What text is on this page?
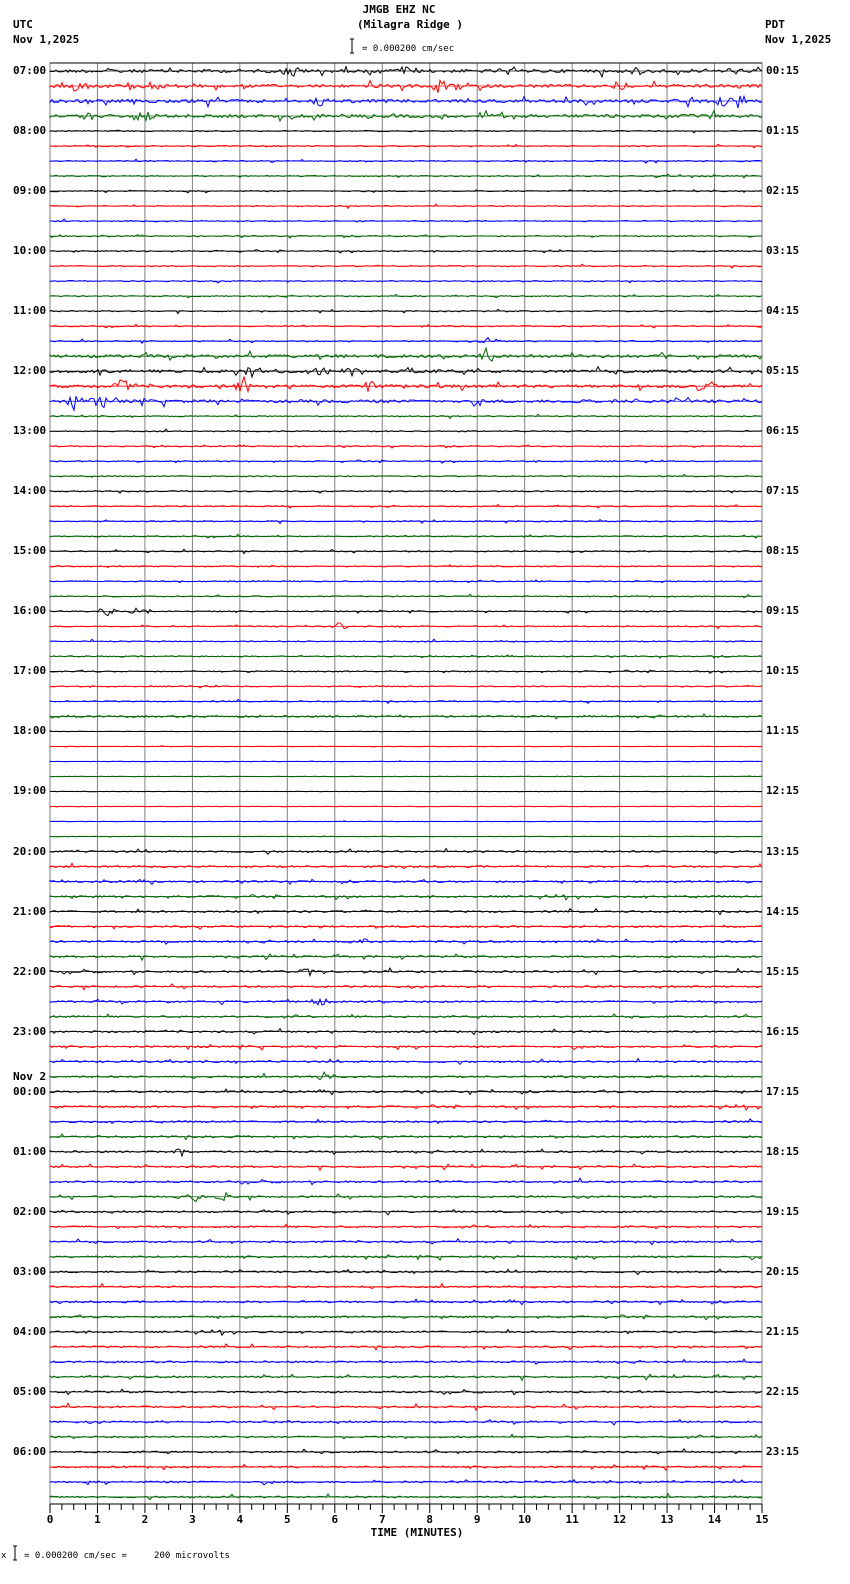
JMGB EHZ NC
(Milagra Ridge )
= 0.000200 cm/sec
UTC
Nov 1,2025
PDT
Nov 1,2025
07:00
08:00
09:00
10:00
11:00
12:00
13:00
14:00
15:00
16:00
17:00
18:00
19:00
20:00
21:00
22:00
23:00
00:00
Nov 2
01:00
02:00
03:00
04:00
05:00
06:00
00:15
01:15
02:15
03:15
04:15
05:15
06:15
07:15
08:15
09:15
10:15
11:15
12:15
13:15
14:15
15:15
16:15
17:15
18:15
19:15
20:15
21:15
22:15
23:15
0	1	2	3	4	5	6	7	8	9	10	11	12	13	14	15
TIME (MINUTES)
x = 0.000200 cm/sec =     200 microvolts
